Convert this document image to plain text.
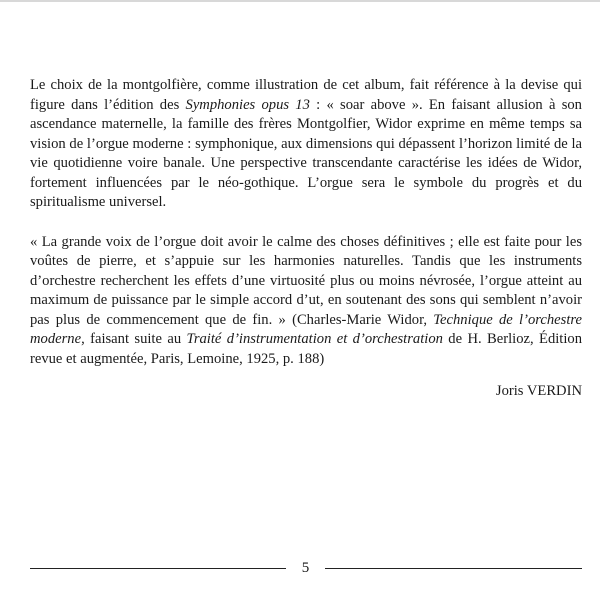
Le choix de la montgolfière, comme illustration de cet album, fait référence à la devise qui figure dans l’édition des Symphonies opus 13 : « soar above ». En faisant allusion à son ascendance maternelle, la famille des frères Montgolfier, Widor exprime en même temps sa vision de l’orgue moderne : symphonique, aux dimensions qui dépassent l’horizon limité de la vie quotidienne voire banale. Une perspective transcendante caractérise les idées de Widor, fortement influencées par le néo-gothique. L’orgue sera le symbole du progrès et du spiritualisme universel.

« La grande voix de l’orgue doit avoir le calme des choses définitives ; elle est faite pour les voûtes de pierre, et s’appuie sur les harmonies naturelles. Tandis que les instruments d’orchestre recherchent les effets d’une virtuosité plus ou moins névrosée, l’orgue atteint au maximum de puissance par le simple accord d’ut, en soutenant des sons qui semblent n’avoir pas plus de commencement que de fin. » (Charles-Marie Widor, Technique de l’orchestre moderne, faisant suite au Traité d’instrumentation et d’orchestration de H. Berlioz, Édition revue et augmentée, Paris, Lemoine, 1925, p. 188)

Joris VERDIN

5
